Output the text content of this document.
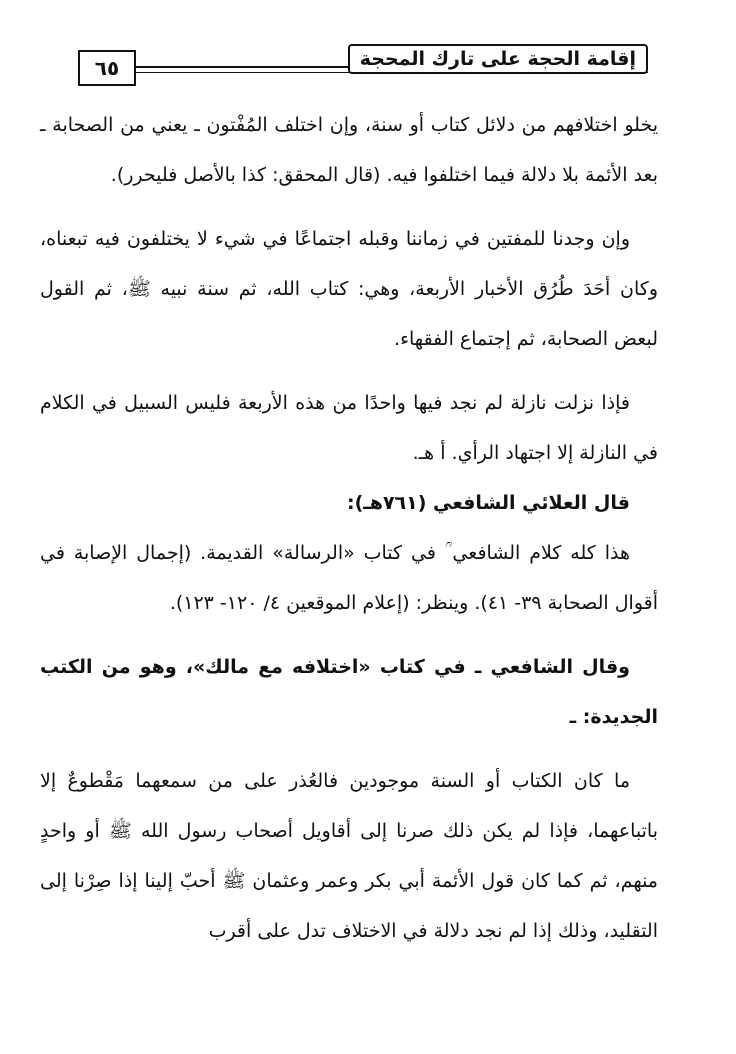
٦٥	إقامة الحجة على تارك المحجة

يخلو اختلافهم من دلائل كتاب أو سنة، وإن اختلف المُفْتون ـ يعني من الصحابة ـ بعد الأئمة بلا دلالة فيما اختلفوا فيه. (قال المحقق: كذا بالأصل فليحرر).

وإن وجدنا للمفتين في زماننا وقبله اجتماعًا في شيء لا يختلفون فيه تبعناه، وكان أحَدَ طُرُق الأخبار الأربعة، وهي: كتاب الله، ثم سنة نبيه ﷺ، ثم القول لبعض الصحابة، ثم إجتماع الفقهاء.

فإذا نزلت نازلة لم نجد فيها واحدًا من هذه الأربعة فليس السبيل في الكلام في النازلة إلا اجتهاد الرأي. أ هـ.

قال العلائي الشافعي (٧٦١هـ):

هذا كله كلام الشافعي ؒ في كتاب «الرسالة» القديمة. (إجمال الإصابة في أقوال الصحابة ٣٩- ٤١). وينظر: (إعلام الموقعين ٤/ ١٢٠- ١٢٣).

وقال الشافعي ـ في كتاب «اختلافه مع مالك»، وهو من الكتب الجديدة: ـ

ما كان الكتاب أو السنة موجودين فالعُذر على من سمعهما مَقْطوعٌ إلا باتباعهما، فإذا لم يكن ذلك صرنا إلى أقاويل أصحاب رسول الله ﷺ أو واحدٍ منهم، ثم كما كان قول الأئمة أبي بكر وعمر وعثمان ﷺ أحبّ إلينا إذا صِرْنا إلى التقليد، وذلك إذا لم نجد دلالة في الاختلاف تدل على أقرب
